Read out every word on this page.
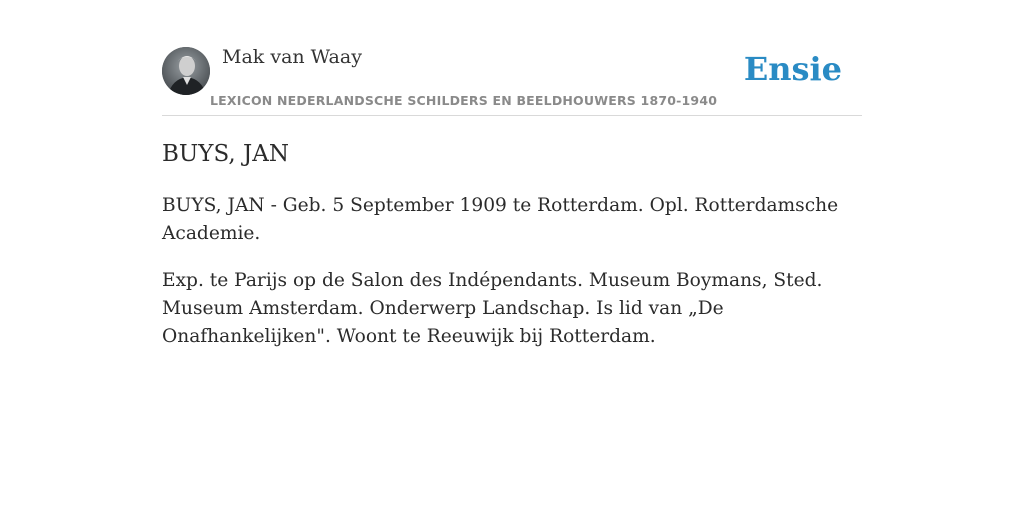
Mak van Waay
LEXICON NEDERLANDSCHE SCHILDERS EN BEELDHOUWERS 1870-1940
Ensie
BUYS, JAN

BUYS, JAN - Geb. 5 September 1909 te Rotterdam. Opl. Rotterdamsche Academie.

Exp. te Parijs op de Salon des Indépendants. Museum Boymans, Sted. Museum Amsterdam. Onderwerp Landschap. Is lid van „De Onafhankelijken". Woont te Reeuwijk bij Rotterdam.
